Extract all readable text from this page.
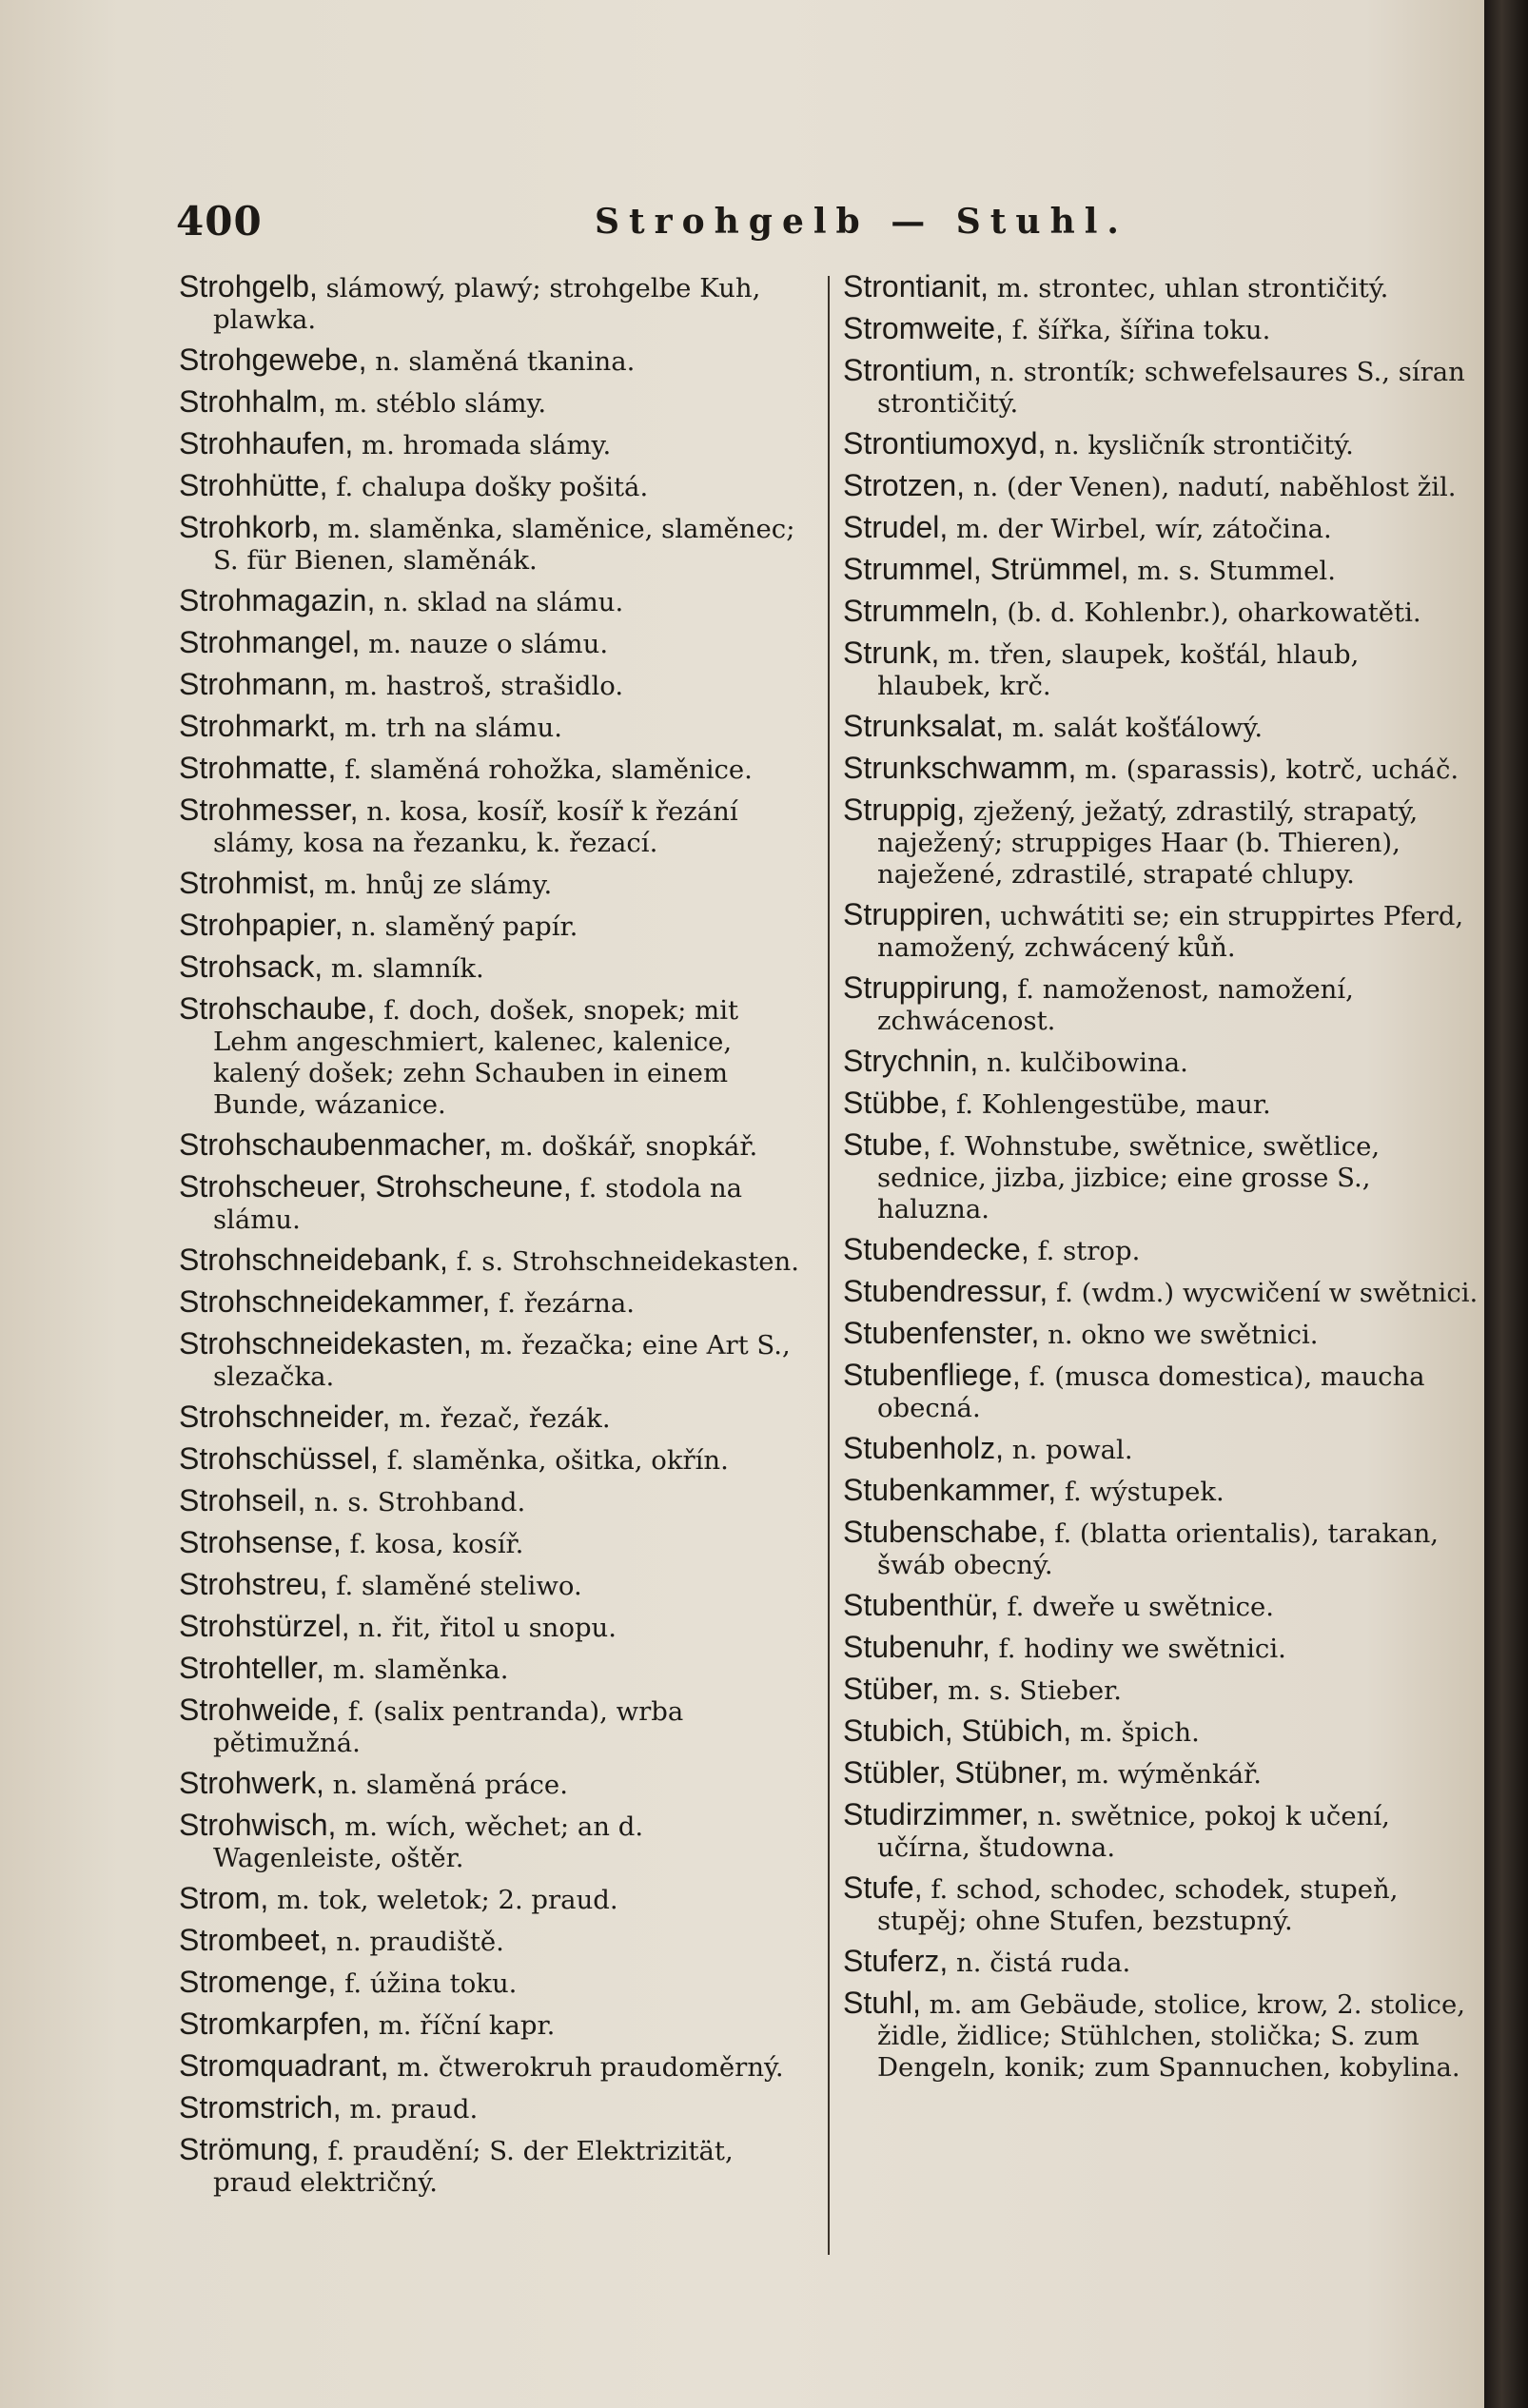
400	Strohgelb — Stuhl.

Strohgelb, slámowý, plawý; strohgelbe Kuh, plawka.

Strohgewebe, n. slaměná tkanina.

Strohhalm, m. stéblo slámy.

Strohhaufen, m. hromada slámy.

Strohhütte, f. chalupa došky pošitá.

Strohkorb, m. slaměnka, slaměnice, slaměnec; S. für Bienen, slaměnák.

Strohmagazin, n. sklad na slámu.

Strohmangel, m. nauze o slámu.

Strohmann, m. hastroš, strašidlo.

Strohmarkt, m. trh na slámu.

Strohmatte, f. slaměná rohožka, slaměnice.

Strohmesser, n. kosa, kosíř, kosíř k řezání slámy, kosa na řezanku, k. řezací.

Strohmist, m. hnůj ze slámy.

Strohpapier, n. slaměný papír.

Strohsack, m. slamník.

Strohschaube, f. doch, došek, snopek; mit Lehm angeschmiert, kalenec, kalenice, kalený došek; zehn Schauben in einem Bunde, wázanice.

Strohschaubenmacher, m. doškář, snopkář.

Strohscheuer, Strohscheune, f. stodola na slámu.

Strohschneidebank, f. s. Strohschneidekasten.

Strohschneidekammer, f. řezárna.

Strohschneidekasten, m. řezačka; eine Art S., slezačka.

Strohschneider, m. řezač, řezák.

Strohschüssel, f. slaměnka, ošitka, okřín.

Strohseil, n. s. Strohband.

Strohsense, f. kosa, kosíř.

Strohstreu, f. slaměné steliwo.

Strohstürzel, n. řit, řitol u snopu.

Strohteller, m. slaměnka.

Strohweide, f. (salix pentranda), wrba pětimužná.

Strohwerk, n. slaměná práce.

Strohwisch, m. wích, wěchet; an d. Wagenleiste, oštěr.

Strom, m. tok, weletok; 2. praud.

Strombeet, n. praudiště.

Stromenge, f. úžina toku.

Stromkarpfen, m. říční kapr.

Stromquadrant, m. čtwerokruh praudoměrný.

Stromstrich, m. praud.

Strömung, f. praudění; S. der Elektrizität, praud električný.

Strontianit, m. strontec, uhlan strontičitý.

Stromweite, f. šířka, šířina toku.

Strontium, n. strontík; schwefelsaures S., síran strontičitý.

Strontiumoxyd, n. kysličník strontičitý.

Strotzen, n. (der Venen), nadutí, naběhlost žil.

Strudel, m. der Wirbel, wír, zátočina.

Strummel, Strümmel, m. s. Stummel.

Strummeln, (b. d. Kohlenbr.), oharkowatěti.

Strunk, m. třen, slaupek, košťál, hlaub, hlaubek, krč.

Strunksalat, m. salát košťálowý.

Strunkschwamm, m. (sparassis), kotrč, ucháč.

Struppig, zježený, ježatý, zdrastilý, strapatý, naježený; struppiges Haar (b. Thieren), naježené, zdrastilé, strapaté chlupy.

Struppiren, uchwátiti se; ein struppirtes Pferd, namožený, zchwácený kůň.

Struppirung, f. namoženost, namožení, zchwácenost.

Strychnin, n. kulčibowina.

Stübbe, f. Kohlengestübe, maur.

Stube, f. Wohnstube, swětnice, swětlice, sednice, jizba, jizbice; eine grosse S., haluzna.

Stubendecke, f. strop.

Stubendressur, f. (wdm.) wycwičení w swětnici.

Stubenfenster, n. okno we swětnici.

Stubenfliege, f. (musca domestica), maucha obecná.

Stubenholz, n. powal.

Stubenkammer, f. wýstupek.

Stubenschabe, f. (blatta orientalis), tarakan, šwáb obecný.

Stubenthür, f. dweře u swětnice.

Stubenuhr, f. hodiny we swětnici.

Stüber, m. s. Stieber.

Stubich, Stübich, m. špich.

Stübler, Stübner, m. wýměnkář.

Studirzimmer, n. swětnice, pokoj k učení, učírna, študowna.

Stufe, f. schod, schodec, schodek, stupeň, stupěj; ohne Stufen, bezstupný.

Stuferz, n. čistá ruda.

Stuhl, m. am Gebäude, stolice, krow, 2. stolice, židle, židlice; Stühlchen, stolička; S. zum Dengeln, konik; zum Spannuchen, kobylina.
